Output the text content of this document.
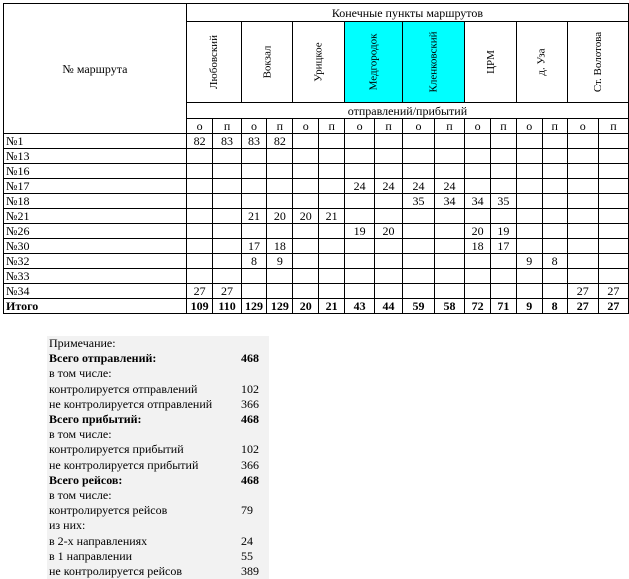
№ маршрута	Конечные пункты маршрутов															

	Любовский		Вокзал		Урицкое		Медгородок		Кленковский		ЦРМ		д. Уза		Ст. Волотова	

	отправлений/прибытий															
	о	п	о	п	о	п	о	п	о	п	о	п	о	п	о	п
№1	82	83	83	82												
№13																
№16																
№17							24	24	24	24						
№18									35	34	34	35				
№21			21	20	20	21										
№26							19	20			20	19				
№30			17	18							18	17				
№32			8	9									9	8		
№33																
№34	27	27													27	27
Итого	109	110	129	129	20	21	43	44	59	58	72	71	9	8	27	27
Примечание:	
Всего отправлений:	468
в том числе:	
контролируется отправлений	102
не контролируется отправлений	366
Всего прибытий:	468
в том числе:	
контролируется прибытий	102
не контролируется прибытий	366
Всего рейсов:	468
в том числе:	
контролируется рейсов	79
из них:	
в 2-х направлениях	24
в 1 направлении	55
не контролируется рейсов	389
